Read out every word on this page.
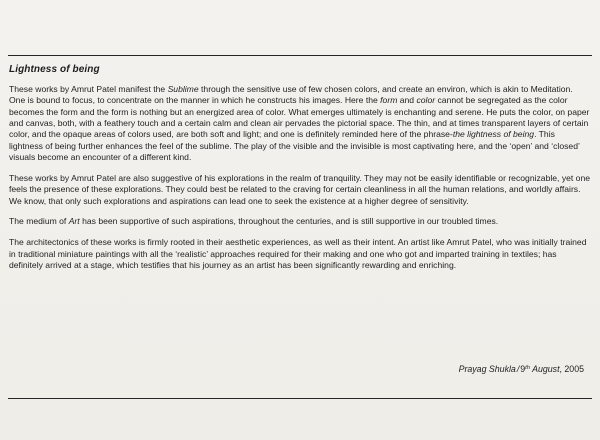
Lightness of being

These works by Amrut Patel manifest the Sublime through the sensitive use of few chosen colors, and create an environ, which is akin to Meditation. One is bound to focus, to concentrate on the manner in which he constructs his images. Here the form and color cannot be segregated as the color becomes the form and the form is nothing but an energized area of color. What emerges ultimately is enchanting and serene. He puts the color, on paper and canvas, both, with a feathery touch and a certain calm and clean air pervades the pictorial space. The thin, and at times transparent layers of certain color, and the opaque areas of colors used, are both soft and light; and one is definitely reminded here of the phrase-the lightness of being. This lightness of being further enhances the feel of the sublime. The play of the visible and the invisible is most captivating here, and the ‘open’ and ‘closed’ visuals become an encounter of a different kind.

These works by Amrut Patel are also suggestive of his explorations in the realm of tranquility. They may not be easily identifiable or recognizable, yet one feels the presence of these explorations. They could best be related to the craving for certain cleanliness in all the human relations, and worldly affairs. We know, that only such explorations and aspirations can lead one to seek the existence at a higher degree of sensitivity.

The medium of Art has been supportive of such aspirations, throughout the centuries, and is still supportive in our troubled times.

The architectonics of these works is firmly rooted in their aesthetic experiences, as well as their intent. An artist like Amrut Patel, who was initially trained in traditional miniature paintings with all the ‘realistic’ approaches required for their making and one who got and imparted training in textiles; has definitely arrived at a stage, which testifies that his journey as an artist has been significantly rewarding and enriching.

Prayag Shukla/9th August, 2005
